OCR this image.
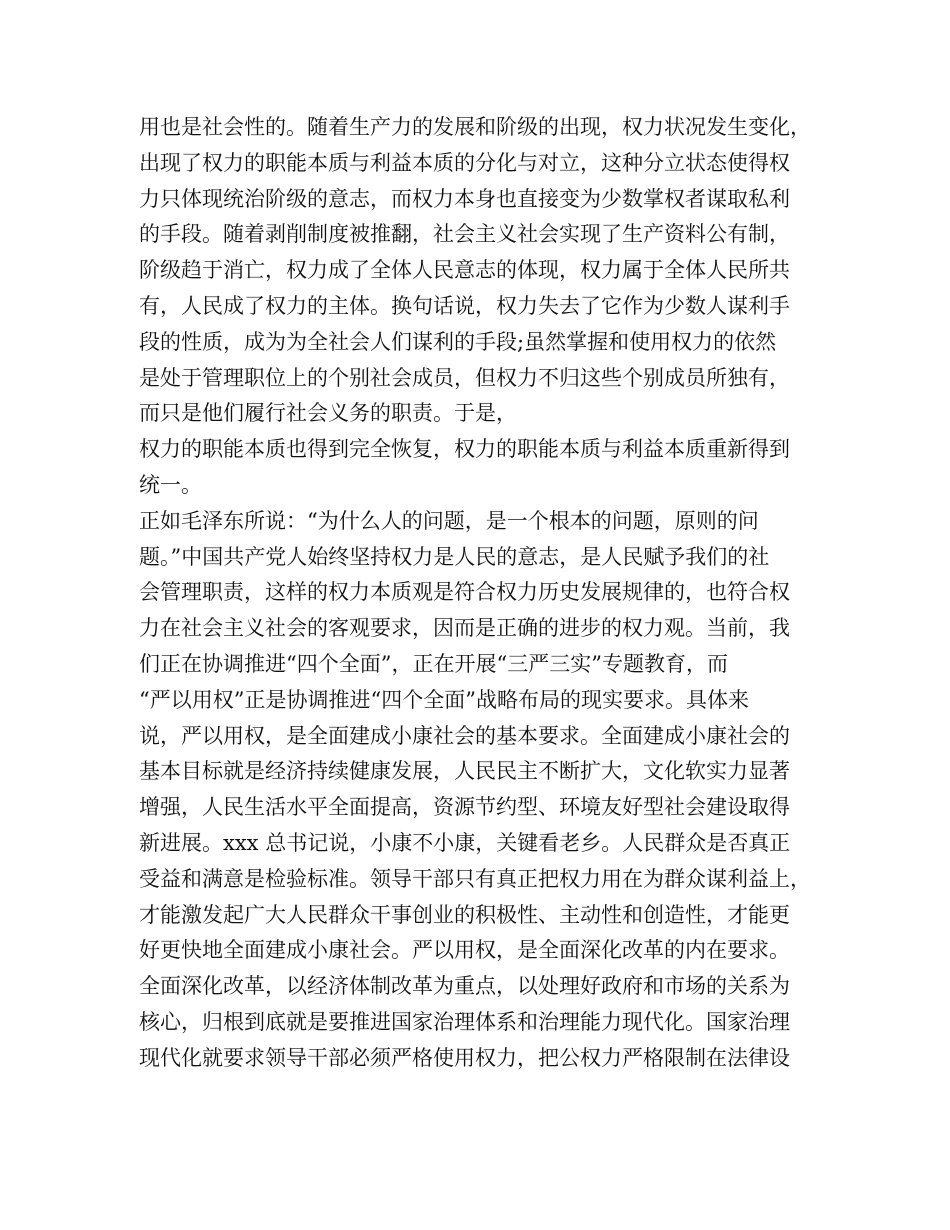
用也是社会性的。随着生产力的发展和阶级的出现，权力状况发生变化，
出现了权力的职能本质与利益本质的分化与对立，这种分立状态使得权
力只体现统治阶级的意志，而权力本身也直接变为少数掌权者谋取私利
的手段。随着剥削制度被推翻，社会主义社会实现了生产资料公有制，
阶级趋于消亡，权力成了全体人民意志的体现，权力属于全体人民所共
有，人民成了权力的主体。换句话说，权力失去了它作为少数人谋利手
段的性质，成为为全社会人们谋利的手段;虽然掌握和使用权力的依然
是处于管理职位上的个别社会成员，但权力不归这些个别成员所独有，
而只是他们履行社会义务的职责。于是，
权力的职能本质也得到完全恢复，权力的职能本质与利益本质重新得到
统一。
正如毛泽东所说：“为什么人的问题，是一个根本的问题，原则的问
题。”中国共产党人始终坚持权力是人民的意志，是人民赋予我们的社
会管理职责，这样的权力本质观是符合权力历史发展规律的，也符合权
力在社会主义社会的客观要求，因而是正确的进步的权力观。当前，我
们正在协调推进“四个全面”，正在开展“三严三实”专题教育，而
“严以用权”正是协调推进“四个全面”战略布局的现实要求。具体来
说，严以用权，是全面建成小康社会的基本要求。全面建成小康社会的
基本目标就是经济持续健康发展，人民民主不断扩大，文化软实力显著
增强，人民生活水平全面提高，资源节约型、环境友好型社会建设取得
新进展。xxx 总书记说，小康不小康，关键看老乡。人民群众是否真正
受益和满意是检验标准。领导干部只有真正把权力用在为群众谋利益上，
才能激发起广大人民群众干事创业的积极性、主动性和创造性，才能更
好更快地全面建成小康社会。严以用权，是全面深化改革的内在要求。
全面深化改革，以经济体制改革为重点，以处理好政府和市场的关系为
核心，归根到底就是要推进国家治理体系和治理能力现代化。国家治理
现代化就要求领导干部必须严格使用权力，把公权力严格限制在法律设
